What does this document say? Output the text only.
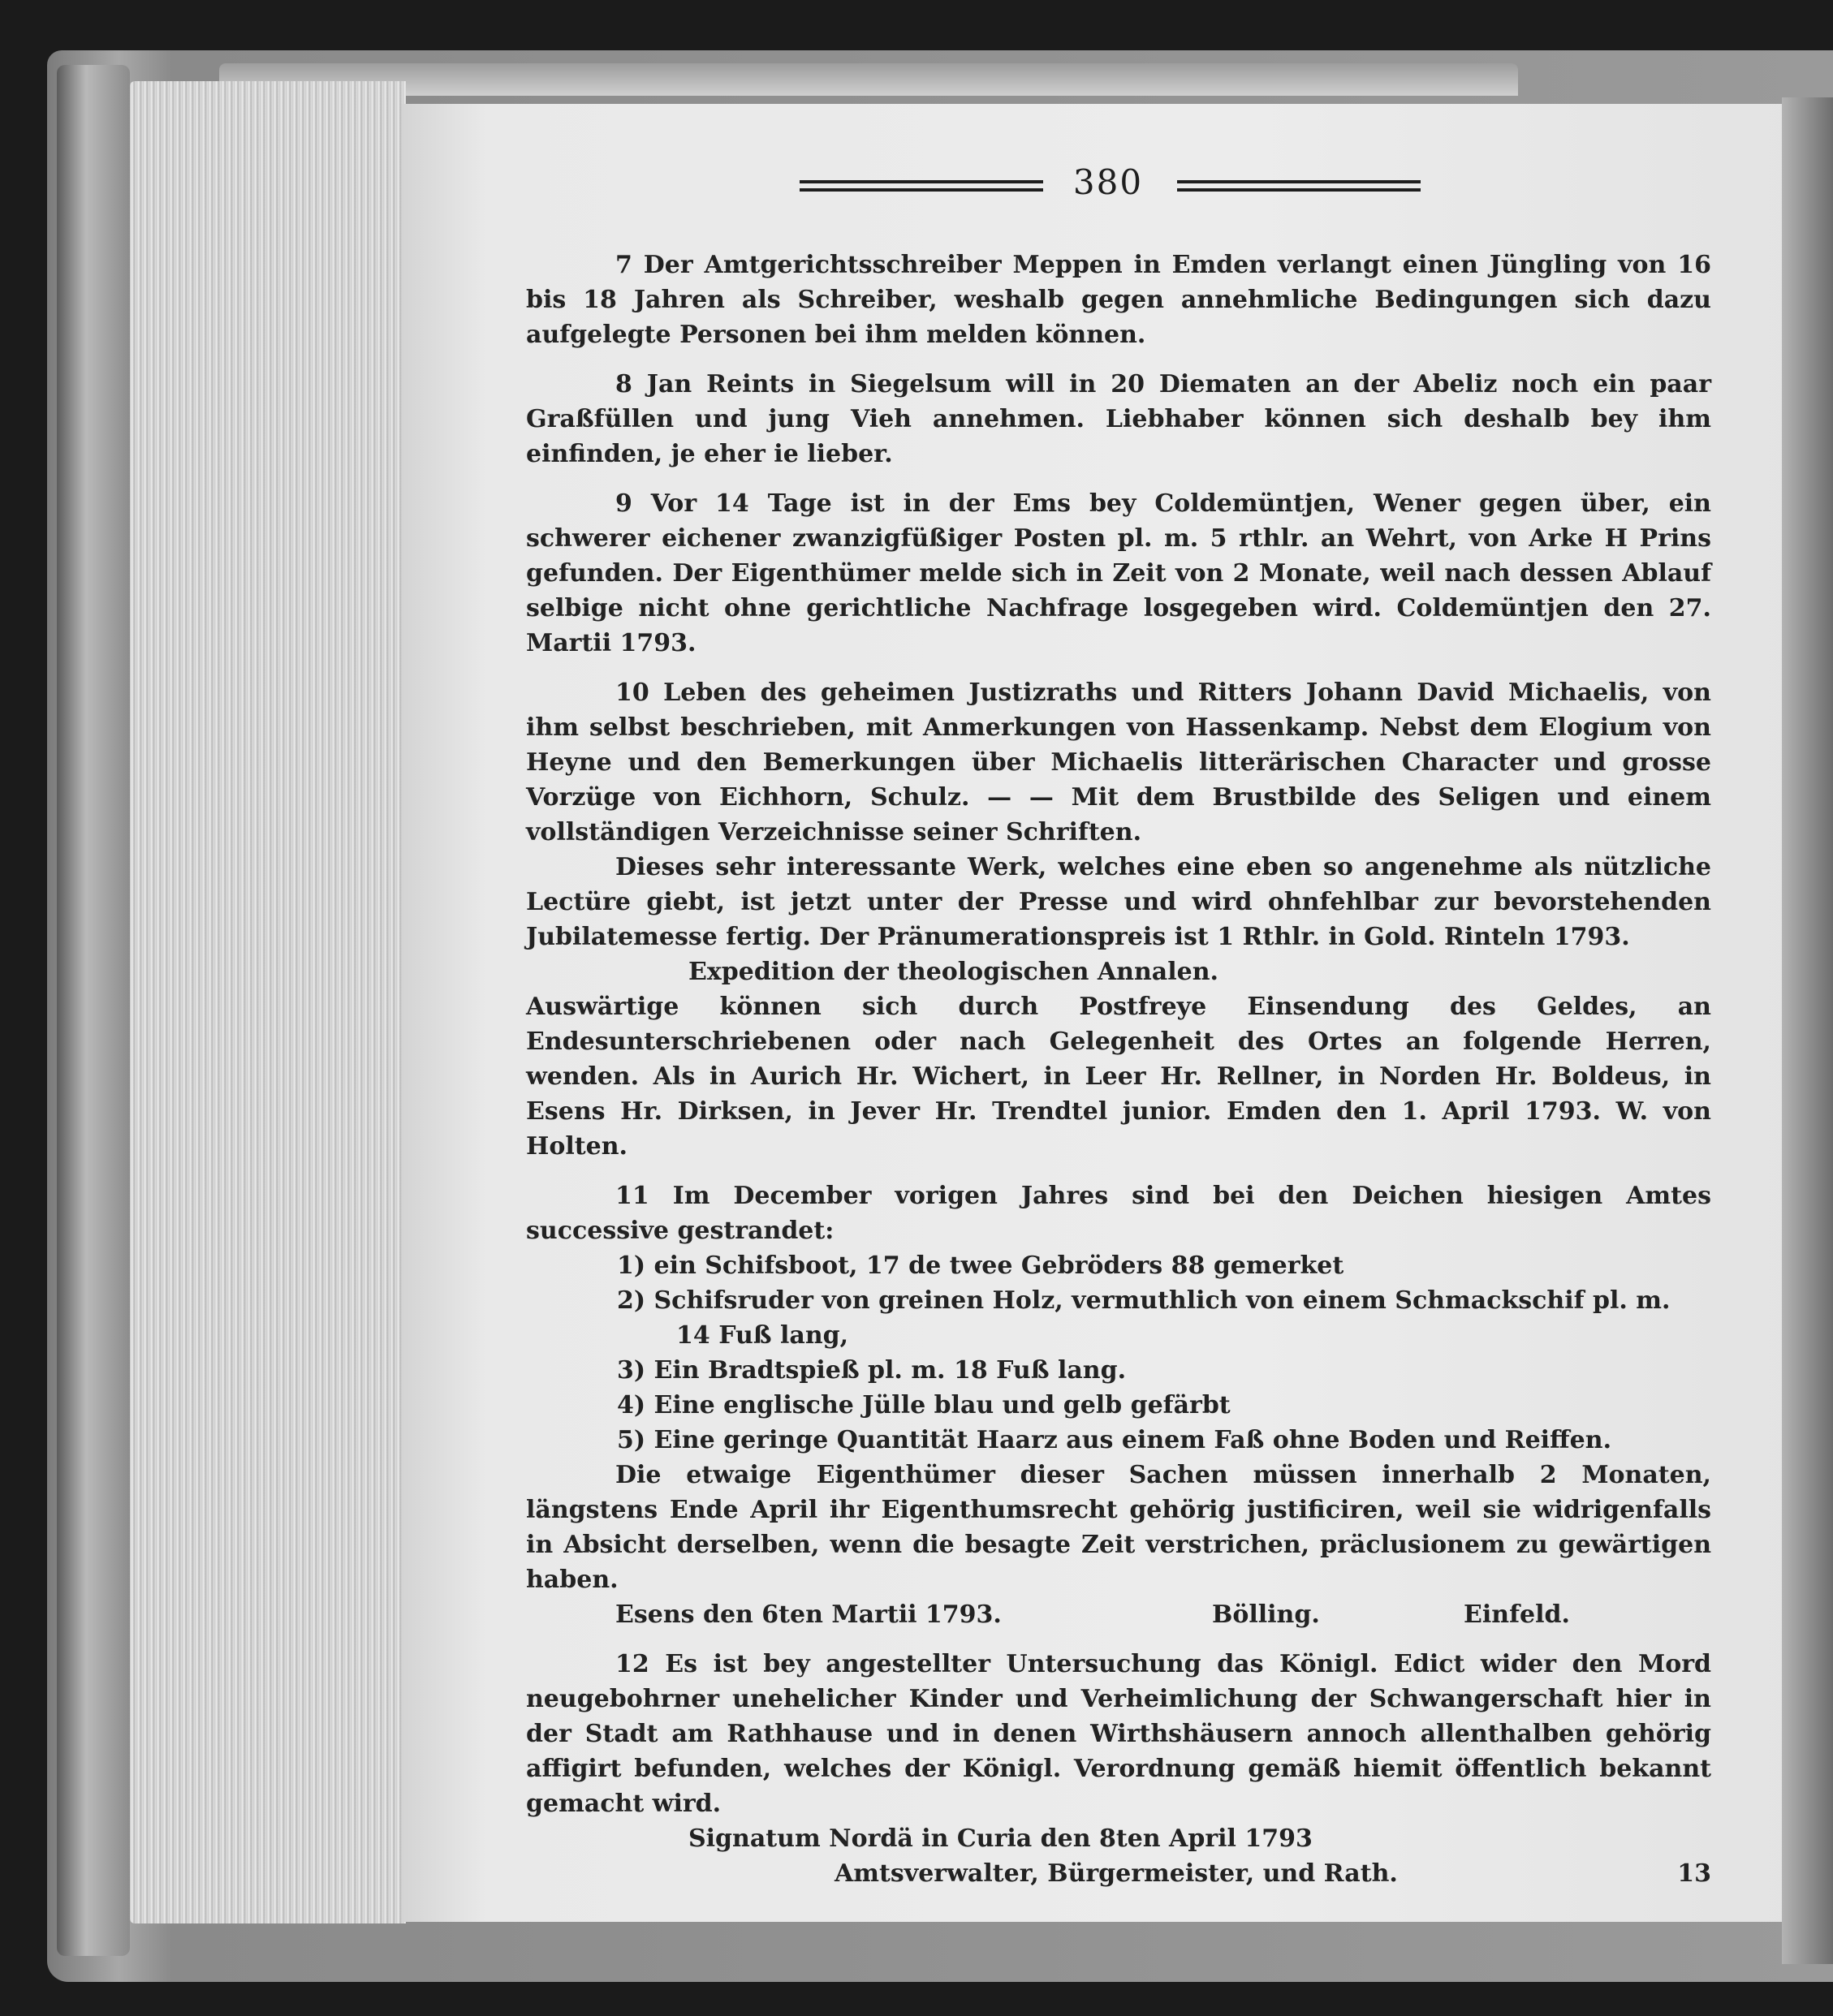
380

7 Der Amtgerichtsschreiber Meppen in Emden verlangt einen Jüngling von 16 bis 18 Jahren als Schreiber, weshalb gegen annehmliche Bedingungen sich dazu aufgelegte Personen bei ihm melden können.

8 Jan Reints in Siegelsum will in 20 Diematen an der Abeliz noch ein paar Graßfüllen und jung Vieh annehmen. Liebhaber können sich deshalb bey ihm einfinden, je eher ie lieber.

9 Vor 14 Tage ist in der Ems bey Coldemüntjen, Wener gegen über, ein schwerer eichener zwanzigfüßiger Posten pl. m. 5 rthlr. an Wehrt, von Arke H Prins gefunden. Der Eigenthümer melde sich in Zeit von 2 Monate, weil nach dessen Ablauf selbige nicht ohne gerichtliche Nachfrage losgegeben wird. Coldemüntjen den 27. Martii 1793.

10 Leben des geheimen Justizraths und Ritters Johann David Michaelis, von ihm selbst beschrieben, mit Anmerkungen von Hassenkamp. Nebst dem Elogium von Heyne und den Bemerkungen über Michaelis litterärischen Character und grosse Vorzüge von Eichhorn, Schulz. — — Mit dem Brustbilde des Seligen und einem vollständigen Verzeichnisse seiner Schriften.

Dieses sehr interessante Werk, welches eine eben so angenehme als nützliche Lectüre giebt, ist jetzt unter der Presse und wird ohnfehlbar zur bevorstehenden Jubilatemesse fertig. Der Pränumerationspreis ist 1 Rthlr. in Gold. Rinteln 1793.

Expedition der theologischen Annalen.

Auswärtige können sich durch Postfreye Einsendung des Geldes, an Endesunterschriebenen oder nach Gelegenheit des Ortes an folgende Herren, wenden. Als in Aurich Hr. Wichert, in Leer Hr. Rellner, in Norden Hr. Boldeus, in Esens Hr. Dirksen, in Jever Hr. Trendtel junior. Emden den 1. April 1793. W. von Holten.

11 Im December vorigen Jahres sind bei den Deichen hiesigen Amtes successive gestrandet:

1) ein Schifsboot, 17 de twee Gebröders 88 gemerket
2) Schifsruder von greinen Holz, vermuthlich von einem Schmackschif pl. m.
14 Fuß lang,
3) Ein Bradtspieß pl. m. 18 Fuß lang.
4) Eine englische Jülle blau und gelb gefärbt
5) Eine geringe Quantität Haarz aus einem Faß ohne Boden und Reiffen.

Die etwaige Eigenthümer dieser Sachen müssen innerhalb 2 Monaten, längstens Ende April ihr Eigenthumsrecht gehörig justificiren, weil sie widrigenfalls in Absicht derselben, wenn die besagte Zeit verstrichen, präclusionem zu gewärtigen haben.

Esens den 6ten Martii 1793.	Bölling.	Einfeld.

12 Es ist bey angestellter Untersuchung das Königl. Edict wider den Mord neugebohrner unehelicher Kinder und Verheimlichung der Schwangerschaft hier in der Stadt am Rathhause und in denen Wirthshäusern annoch allenthalben gehörig affigirt befunden, welches der Königl. Verordnung gemäß hiemit öffentlich bekannt gemacht wird.

Signatum Nordä in Curia den 8ten April 1793

Amtsverwalter, Bürgermeister, und Rath.	13
